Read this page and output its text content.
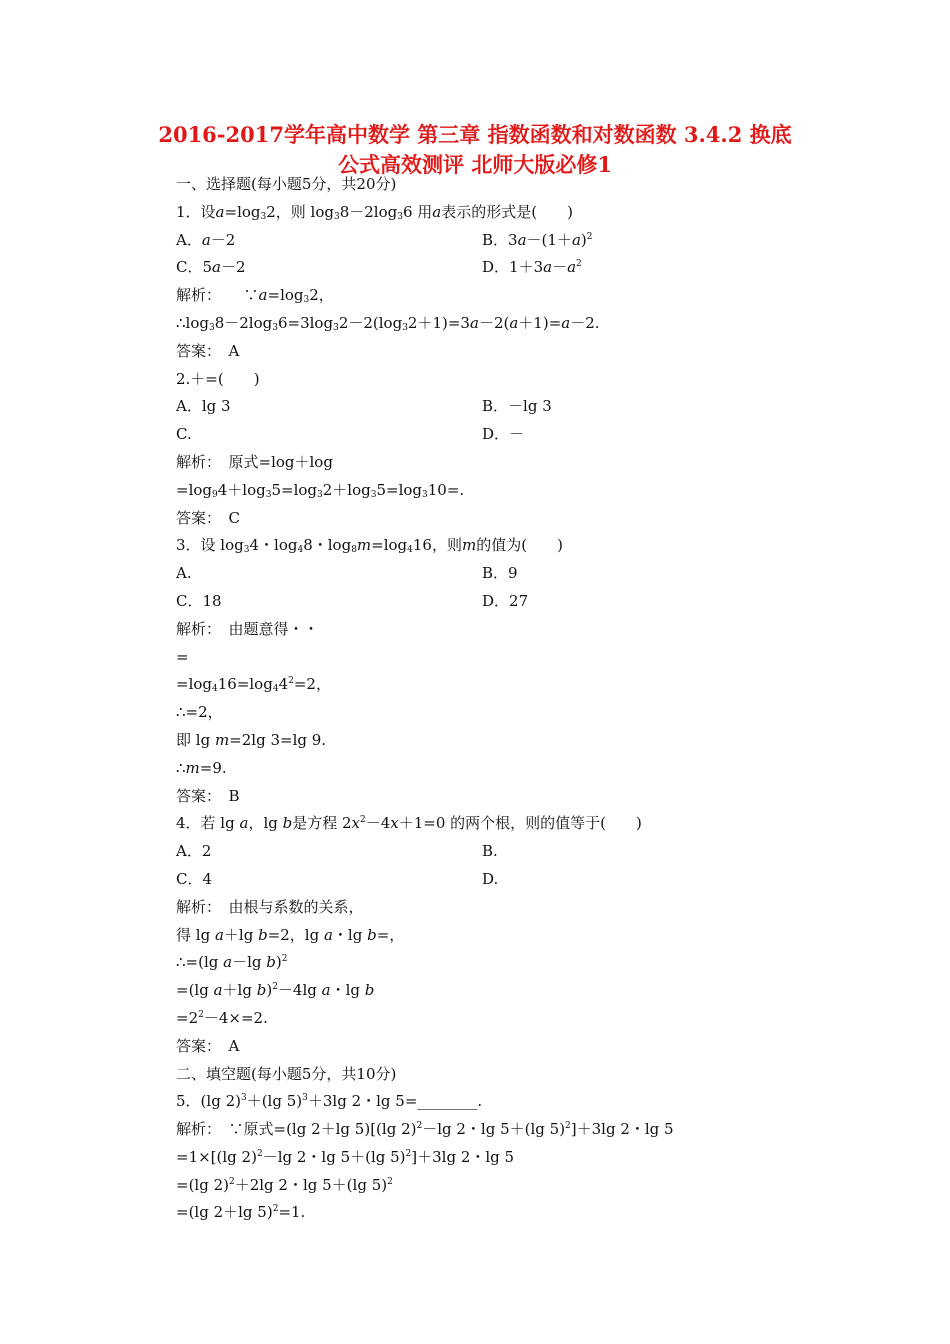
2016-2017学年高中数学 第三章 指数函数和对数函数 3.4.2 换底
公式高效测评 北师大版必修1
一、选择题(每小题5分，共20分)
1．设$a=\log_32$，则 $\log_38-2\log_36$ 用a表示的形式是(　　)
A．a－2	B．$3a-(1+a)^2$
C．5a－2	D．$1+3a-a^2$
解析：　　 $\because a=\log_32$，
$\therefore\log_38-2\log_36=3\log_32-2(\log_32+1)=3a-2(a+1)=a-2$.
答案：　A
2.＋=(　　)
A．lg 3	B．－lg 3
C.	D．－
解析：　原式=log＋log
$=\log_94+\log_35=\log_32+\log_35=\log_310=$.
答案：　C
3．设 $\log_34$・$\log_48$・$\log_8m=\log_416$，则m的值为(　　)
A.	B．9
C．18	D．27
解析：　由题意得・・
=
$=\log_416=\log_44^2=2$，
∴=2，
即 lg m=2lg 3=lg 9.
∴m=9.
答案：　B
4．若 lg a，lg b是方程 $2x^2-4x+1=0$ 的两个根，则的值等于(　　)
A．2	B.
C．4	D.
解析：　由根与系数的关系，
得 lg a＋lg b=2，lg a・lg b=，
∴=(lg a－lg b)$^2$
=(lg a＋lg b)$^2$－4lg a・lg b
$=2^2-4\times=2$.
答案：　A
二、填空题(每小题5分，共10分)
5．(lg 2)$^3$＋(lg 5)$^3$＋3lg 2・lg 5=________.
解析：　∵原式=(lg 2＋lg 5)[(lg 2)$^2$－lg 2・lg 5＋(lg 5)$^2$]＋3lg 2・lg 5
=1×[(lg 2)$^2$－lg 2・lg 5＋(lg 5)$^2$]＋3lg 2・lg 5
=(lg 2)$^2$＋2lg 2・lg 5＋(lg 5)$^2$
=(lg 2＋lg 5)$^2$=1.
